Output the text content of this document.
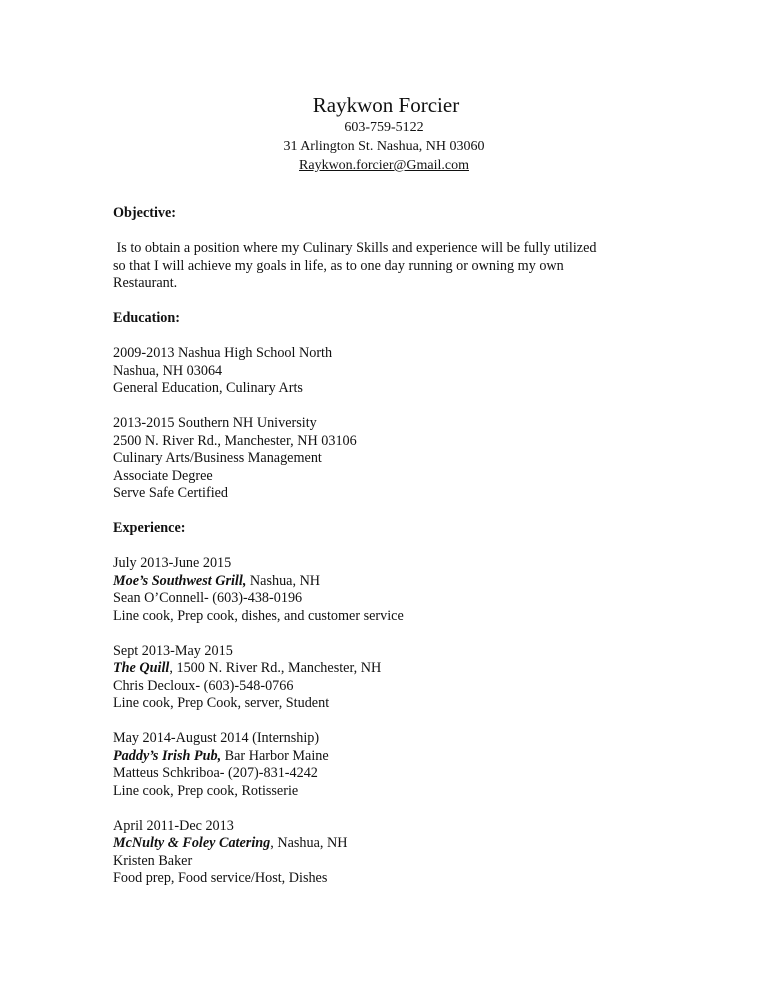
Raykwon Forcier
603-759-5122
31 Arlington St. Nashua, NH 03060
Raykwon.forcier@Gmail.com
Objective:
Is to obtain a position where my Culinary Skills and experience will be fully utilized
so that I will achieve my goals in life, as to one day running or owning my own
Restaurant.
Education:
2009-2013 Nashua High School North
Nashua, NH 03064
General Education, Culinary Arts
2013-2015 Southern NH University
2500 N. River Rd., Manchester, NH 03106
Culinary Arts/Business Management
Associate Degree
Serve Safe Certified
Experience:
July 2013-June 2015
Moe’s Southwest Grill, Nashua, NH
Sean O’Connell- (603)-438-0196
Line cook, Prep cook, dishes, and customer service
Sept 2013-May 2015
The Quill, 1500 N. River Rd., Manchester, NH
Chris Decloux- (603)-548-0766
Line cook, Prep Cook, server, Student
May 2014-August 2014 (Internship)
Paddy’s Irish Pub, Bar Harbor Maine
Matteus Schkriboa- (207)-831-4242
Line cook, Prep cook, Rotisserie
April 2011-Dec 2013
McNulty & Foley Catering, Nashua, NH
Kristen Baker
Food prep, Food service/Host, Dishes
